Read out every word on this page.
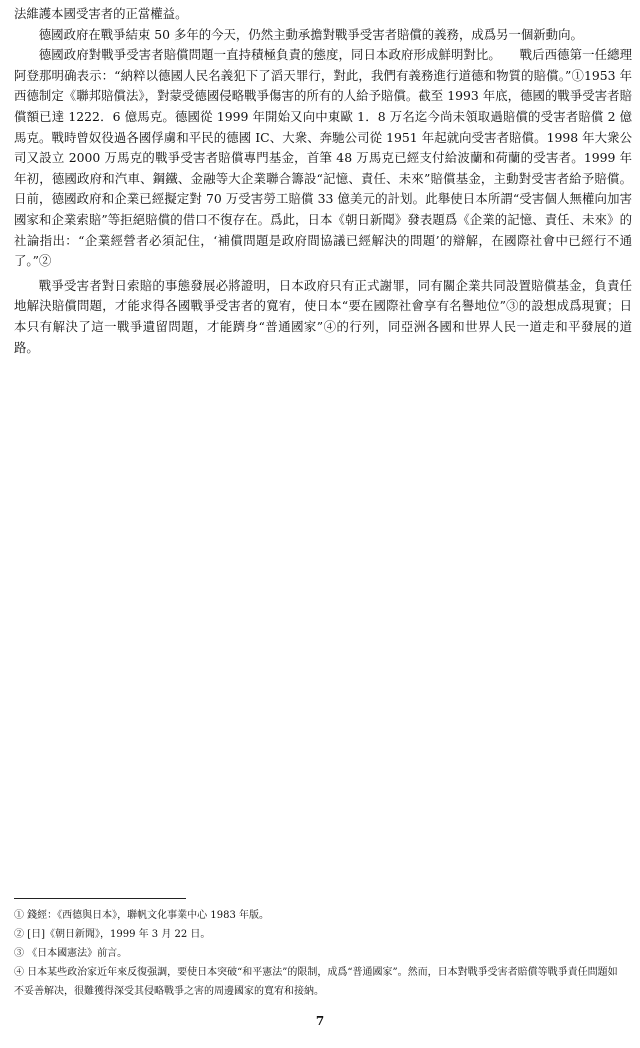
法維護本國受害者的正當權益。

德國政府在戰爭結束 50 多年的今天，仍然主動承擔對戰爭受害者賠償的義務，成爲另一個新動向。

德國政府對戰爭受害者賠償問題一直持積極負責的態度，同日本政府形成鮮明對比。　　戰后西德第一任總理阿登那明确表示：“納粹以德國人民名義犯下了滔天罪行，對此，我們有義務進行道德和物質的賠償。”①1953 年西德制定《聯邦賠償法》，對蒙受德國侵略戰爭傷害的所有的人給予賠償。截至 1993 年底，德國的戰爭受害者賠償額已達 1222．6 億馬克。德國從 1999 年開始又向中東歐 1．8 万名迄今尚未領取過賠償的受害者賠償 2 億馬克。戰時曾奴役過各國俘虜和平民的德國 IC、大衆、奔馳公司從 1951 年起就向受害者賠償。1998 年大衆公司又設立 2000 万馬克的戰爭受害者賠償專門基金，首筆 48 万馬克已經支付給波蘭和荷蘭的受害者。1999 年年初，德國政府和汽車、鋼鐵、金融等大企業聯合籌設“記憶、責任、未來”賠償基金，主動對受害者給予賠償。日前，德國政府和企業已經擬定對 70 万受害勞工賠償 33 億美元的計划。此舉使日本所謂“受害個人無權向加害國家和企業索賠”等拒絕賠償的借口不復存在。爲此，日本《朝日新聞》發表題爲《企業的記憶、責任、未來》的社論指出：“企業經營者必須記住，‘補償問題是政府間協議已經解決的問題’的辯解，在國際社會中已經行不通了。”②

戰爭受害者對日索賠的事態發展必將證明，日本政府只有正式謝罪，同有關企業共同設置賠償基金，負責任地解決賠償問題，才能求得各國戰爭受害者的寬宥，使日本“要在國際社會享有名譽地位”③的設想成爲現實；日本只有解決了這一戰爭遺留問題，才能躋身“普通國家”④的行列，同亞洲各國和世界人民一道走和平發展的道路。

① 錢經：《西德與日本》，聯帆文化事業中心 1983 年版。

② [日]《朝日新聞》，1999 年 3 月 22 日。

③ 《日本國憲法》前言。

④ 日本某些政治家近年來反復强調，要使日本突破“和平憲法”的限制，成爲“普通國家”。然而，日本對戰爭受害者賠償等戰爭責任問題如不妥善解决，很難獲得深受其侵略戰爭之害的周邊國家的寬宥和接納。

7
